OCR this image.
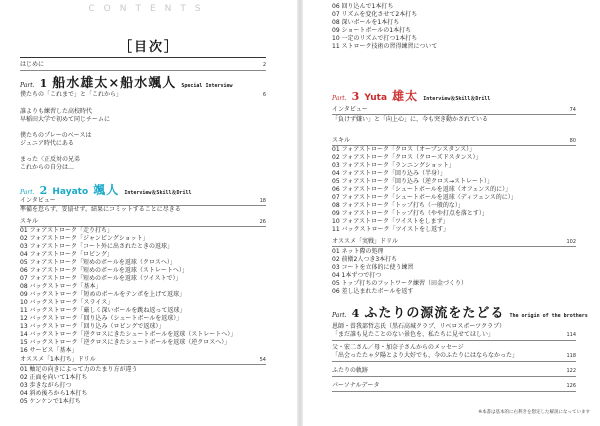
CONTENTS
［目次］
はじめに	2
Part. 1 船水雄太×船水颯人 Special Interview
僕たちの「これまで」と「これから」	6
誰よりも練習した高校時代
早稲田大学で初めて同じチームに
僕たちのプレーのベースは
ジュニア時代にある
まった〈正反対の兄弟
これからの自分は…
Part. 2 Hayato 颯人 Interview＆Skill＆Drill
インタビュー	18
準備を怠らず、妥協せず。結果にコミットすることに尽きる
スキル	26
01 フォアストローク「走り打ち」
02 フォアストローク「ジャンピングショット」
03 フォアストローク「コート外に出されたときの返球」
04 フォアストローク「ロビング」
05 フォアストローク「短めのボールを返球（クロスへ）」
06 フォアストローク「短めのボールを返球（ストレートへ）」
07 フォアストローク「短めのボールを返球（ツイストで）」
08 バックストローク「基本」
09 バックストローク「短めのボールをテンポを上げて返球」
10 バックストローク「スライス」
11 バックストローク「厳しく深いボールを跳ね返って返球」
12 バックストローク「回り込み（シュートボールを返球）」
13 バックストローク「回り込み（ロビングで返球）」
14 バックストローク「逆クロスにきたシュートボールを返球（ストレートへ）」
15 バックストローク「逆クロスにきたシュートボールを返球（逆クロスへ）」
16 サービス「基本」
オススメ「1本打ち」ドリル	54
01 軸足の向きによって力のたまり方が違う
02 正面を向いて1本打ち
03 歩きながら打つ
04 斜め後ろから1本打ち
05 ケンケンで1本打ち
06 回り込んで1本打ち
07 リズムを変化させて2本打ち
08 深いボールを1本打ち
09 ショートボールの1本打ち
10 一定のリズムで打つ1本打ち
11 ストローク技術の習得練習について
Part. 3 Yuta 雄太 Interview＆Skill＆Drill
インタビュー	74
「負けず嫌い」と「向上心」に、今も突き動かされている
スキル	80
01 フォアストローク「クロス（オープンスタンス）」
02 フォアストローク「クロス（クローズドスタンス）」
03 フォアストローク「ランニングショット」
04 フォアストローク「回り込み（半身）」
05 フォアストローク「回り込み（逆クロス→ストレート）」
06 フォアストローク「シュートボールを返球（オフェンス的に）」
07 フォアストローク「シュートボールを返球（ディフェンス的に）」
08 フォアストローク「トップ打ち（一般的な）」
09 フォアストローク「トップ打ち（やや打点を落とす）」
10 フォアストローク「ツイストをしまず」
11 バックストローク「ツイストをし返す」
オススメ「実戦」ドリル	102
01 ネット際の処理
02 前衛2人つき3本打ち
03 コートを立体的に使う練習
04 1本ずつで打つ
05 トップ打ちのフットワーク練習（田金づくり）
06 差し込まれたボールを返す
Part. 4 ふたりの源流をたどる The origin of the brothers
恩師・曽我部哲志氏（黒石高城クラブ、リベロスポーツクラブ）
「まだ誰も見たことのない景色を、私たちに見せてほしい」	114
父・宏二さん／母・加奈子さんからのメッセージ
「出会ったたゃ夕陽とより大好でも、今のふたりにはならなかった」	118
ふたりの軌跡	122
パーソナルデータ	126
※本書は基本的に右利きを想定した解説になっています
